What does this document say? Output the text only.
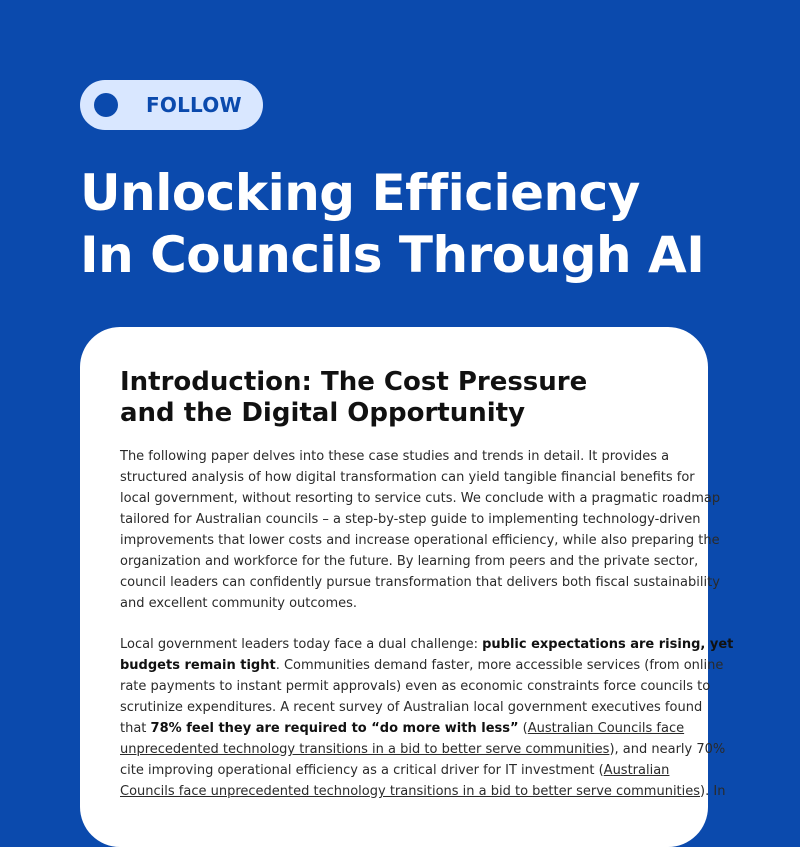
FOLLOW
Unlocking Efficiency
In Councils Through AI
Introduction: The Cost Pressure
and the Digital Opportunity

The following paper delves into these case studies and trends in detail. It provides a
structured analysis of how digital transformation can yield tangible financial benefits for
local government, without resorting to service cuts. We conclude with a pragmatic roadmap
tailored for Australian councils – a step-by-step guide to implementing technology-driven
improvements that lower costs and increase operational efficiency, while also preparing the
organization and workforce for the future. By learning from peers and the private sector,
council leaders can confidently pursue transformation that delivers both fiscal sustainability
and excellent community outcomes.

Local government leaders today face a dual challenge: public expectations are rising, yet
budgets remain tight. Communities demand faster, more accessible services (from online
rate payments to instant permit approvals) even as economic constraints force councils to
scrutinize expenditures. A recent survey of Australian local government executives found
that 78% feel they are required to “do more with less” (Australian Councils face
unprecedented technology transitions in a bid to better serve communities), and nearly 70%
cite improving operational efficiency as a critical driver for IT investment (Australian
Councils face unprecedented technology transitions in a bid to better serve communities). In
